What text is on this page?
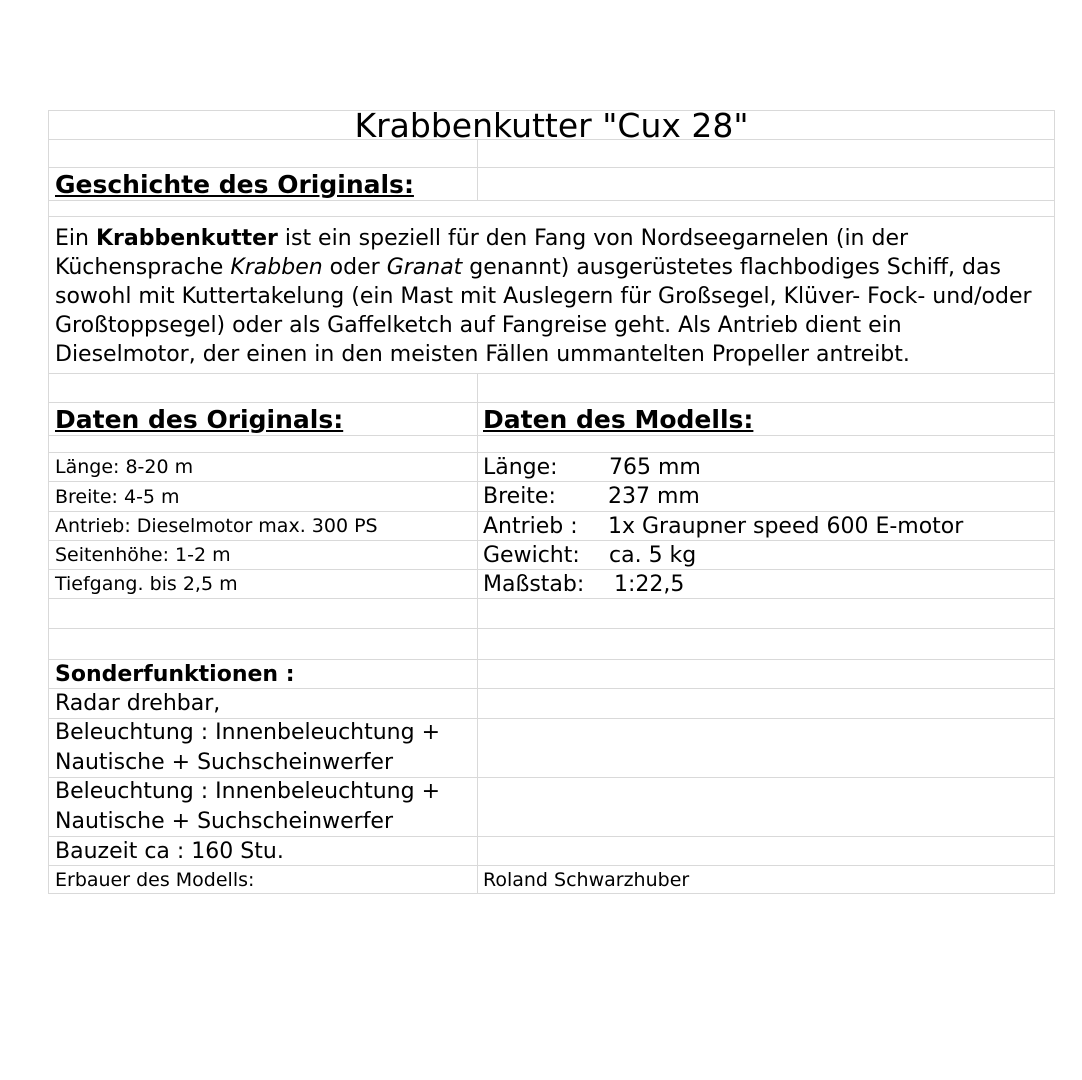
Krabbenkutter "Cux 28"
Geschichte des Originals:
Ein Krabbenkutter ist ein speziell für den Fang von Nordseegarnelen (in der Küchensprache Krabben oder Granat genannt) ausgerüstetes flachbodiges Schiff, das sowohl mit Kuttertakelung (ein Mast mit Auslegern für Großsegel, Klüver- Fock- und/oder Großtoppsegel) oder als Gaffelketch auf Fangreise geht. Als Antrieb dient ein Dieselmotor, der einen in den meisten Fällen ummantelten Propeller antreibt.
Daten des Originals:	Daten des Modells:
Länge: 8-20 m	Länge:	765 mm
Breite: 4-5 m	Breite:	237 mm
Antrieb: Dieselmotor max. 300 PS	Antrieb :	1x Graupner speed 600 E-motor
Seitenhöhe: 1-2 m	Gewicht:	ca. 5 kg
Tiefgang. bis 2,5 m	Maßstab:	1:22,5
Sonderfunktionen :
Radar drehbar,
Beleuchtung : Innenbeleuchtung + Nautische + Suchscheinwerfer
Beleuchtung : Innenbeleuchtung + Nautische + Suchscheinwerfer
Bauzeit ca : 160 Stu.
Erbauer des Modells:	Roland Schwarzhuber
